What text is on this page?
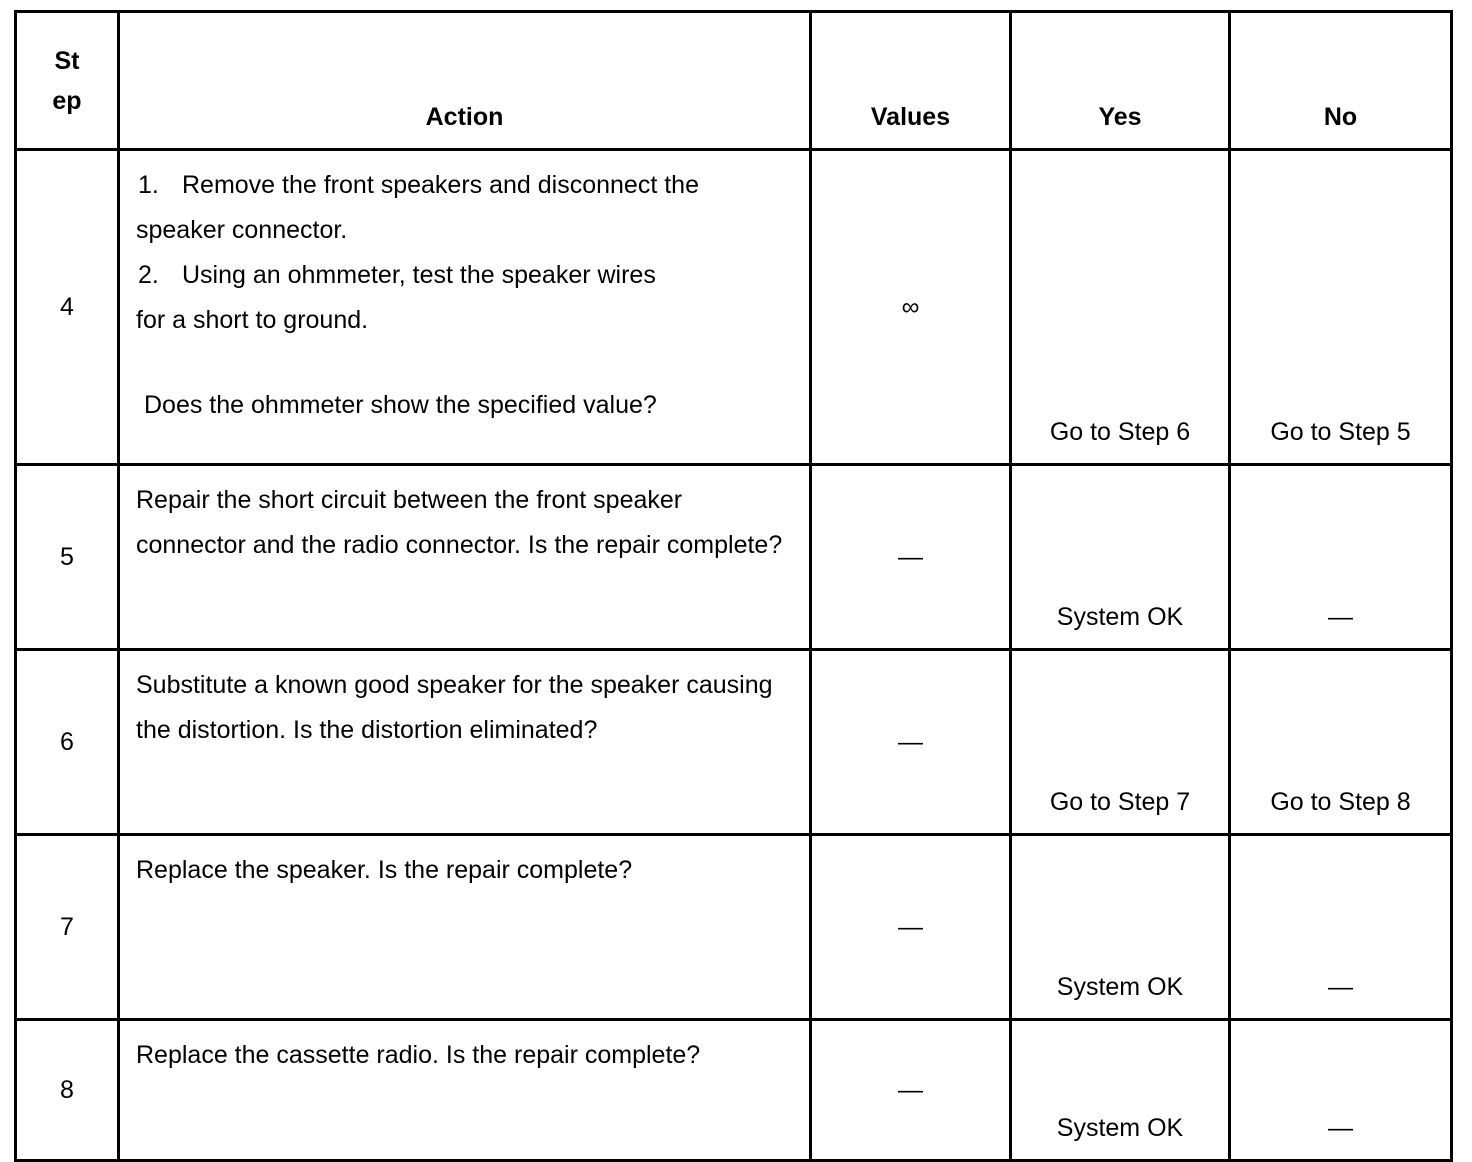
St
ep	Action	Values	Yes	No
4	1. Remove the front speakers and disconnect the
speaker connector.
2. Using an ohmmeter, test the speaker wires
for a short to ground.
Does the ohmmeter show the specified value?	∞	Go to Step 6	Go to Step 5
5	Repair the short circuit between the front speaker connector and the radio connector. Is the repair complete?	—	System OK	—
6	Substitute a known good speaker for the speaker causing the distortion. Is the distortion eliminated?	—	Go to Step 7	Go to Step 8
7	Replace the speaker. Is the repair complete?	—	System OK	—
8	Replace the cassette radio. Is the repair complete?	—	System OK	—
